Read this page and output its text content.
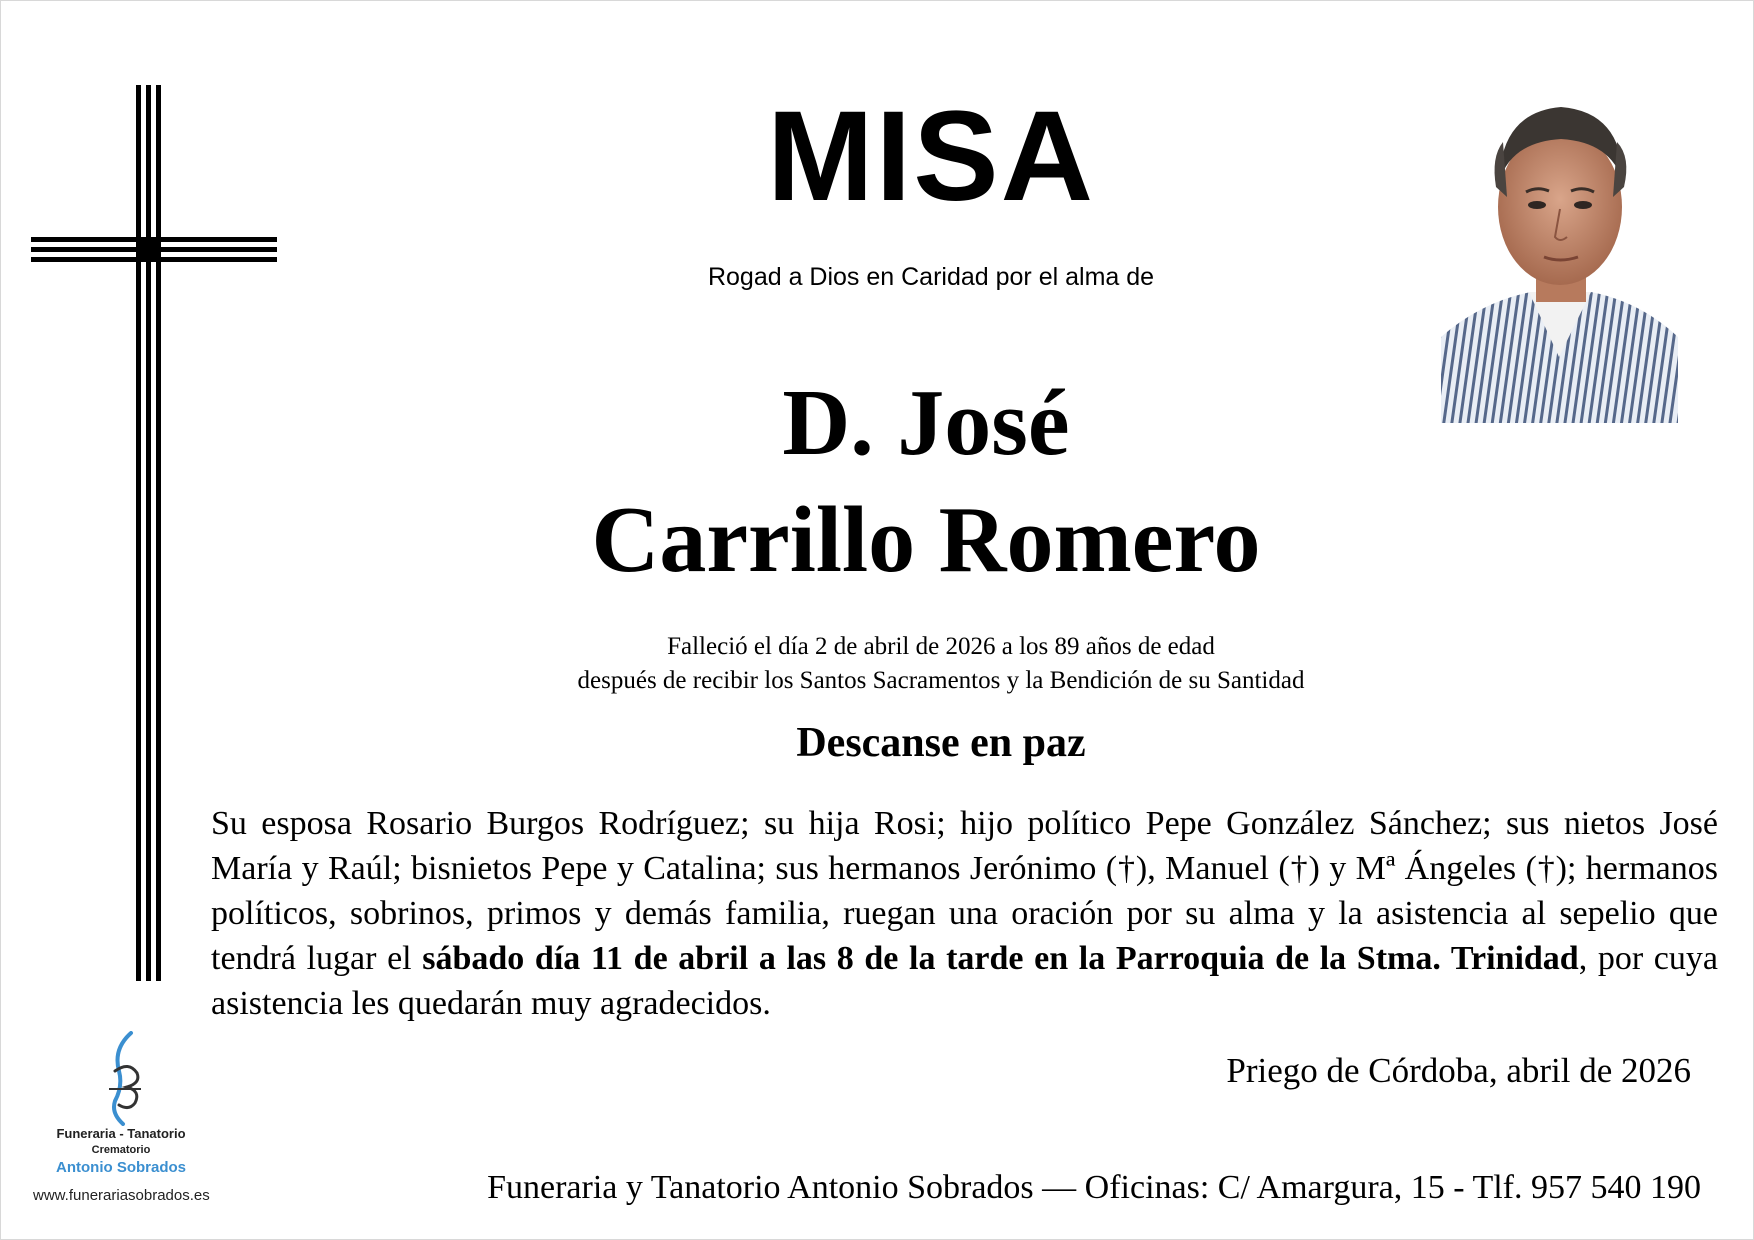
MISA
Rogad a Dios en Caridad por el alma de
D. José
Carrillo Romero
Falleció el día 2 de abril de 2026 a los 89 años de edad
después de recibir los Santos Sacramentos y la Bendición de su Santidad
Descanse en paz
Su esposa Rosario Burgos Rodríguez; su hija Rosi; hijo político Pepe González Sánchez; sus nietos José María y Raúl; bisnietos Pepe y Catalina; sus hermanos Jerónimo (†), Manuel (†) y Mª Ángeles (†); hermanos políticos, sobrinos, primos y demás familia, ruegan una oración por su alma y la asistencia al sepelio que tendrá lugar el sábado día 11 de abril a las 8 de la tarde en la Parroquia de la Stma. Trinidad, por cuya asistencia les quedarán muy agradecidos.
Priego de Córdoba, abril de 2026
Funeraria - Tanatorio
Crematorio
Antonio Sobrados
www.funerariasobrados.es	Funeraria y Tanatorio Antonio Sobrados — Oficinas: C/ Amargura, 15 - Tlf. 957 540 190
